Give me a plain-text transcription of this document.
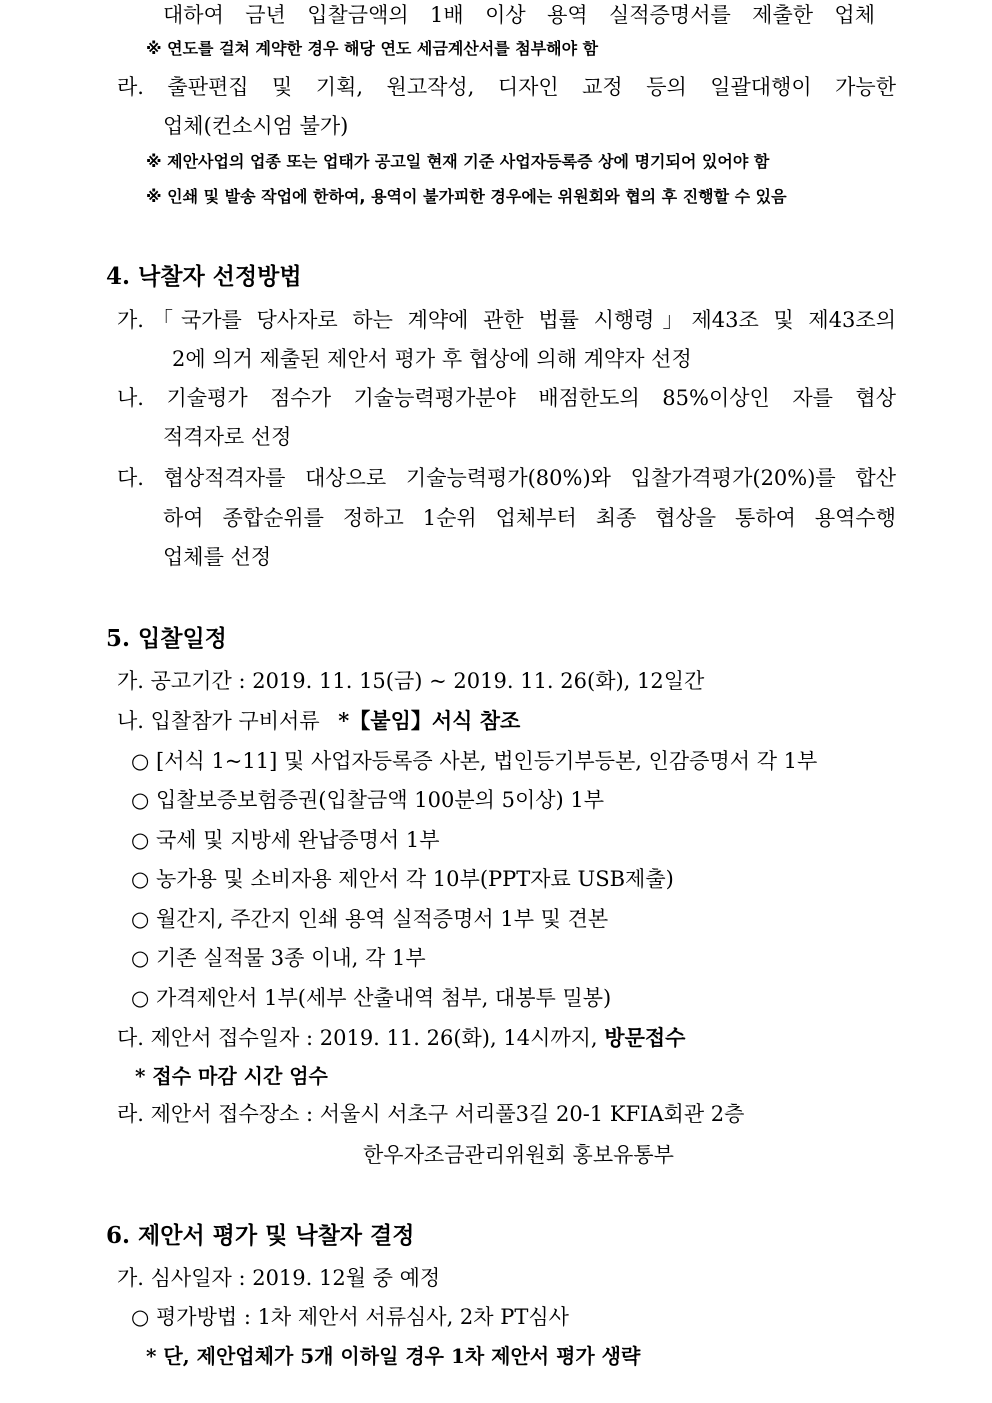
대하여 금년 입찰금액의 1배 이상 용역 실적증명서를 제출한 업체
※ 연도를 걸쳐 계약한 경우 해당 연도 세금계산서를 첨부해야 함
라. 출판편집 및 기획, 원고작성, 디자인 교정 등의 일괄대행이 가능한
업체(컨소시엄 불가)
※ 제안사업의 업종 또는 업태가 공고일 현재 기준 사업자등록증 상에 명기되어 있어야 함
※ 인쇄 및 발송 작업에 한하여, 용역이 불가피한 경우에는 위원회와 협의 후 진행할 수 있음
4. 낙찰자 선정방법
가.「국가를 당사자로 하는 계약에 관한 법률 시행령」제43조 및 제43조의
2에 의거 제출된 제안서 평가 후 협상에 의해 계약자 선정
나. 기술평가 점수가 기술능력평가분야 배점한도의 85%이상인 자를 협상
적격자로 선정
다. 협상적격자를 대상으로 기술능력평가(80%)와 입찰가격평가(20%)를 합산
하여 종합순위를 정하고 1순위 업체부터 최종 협상을 통하여 용역수행
업체를 선정
5. 입찰일정
가. 공고기간 : 2019. 11. 15(금) ~ 2019. 11. 26(화), 12일간
나. 입찰참가 구비서류 *【붙임】서식 참조
○ [서식 1~11] 및 사업자등록증 사본, 법인등기부등본, 인감증명서 각 1부
○ 입찰보증보험증권(입찰금액 100분의 5이상) 1부
○ 국세 및 지방세 완납증명서 1부
○ 농가용 및 소비자용 제안서 각 10부(PPT자료 USB제출)
○ 월간지, 주간지 인쇄 용역 실적증명서 1부 및 견본
○ 기존 실적물 3종 이내, 각 1부
○ 가격제안서 1부(세부 산출내역 첨부, 대봉투 밀봉)
다. 제안서 접수일자 : 2019. 11. 26(화), 14시까지, 방문접수
* 접수 마감 시간 엄수
라. 제안서 접수장소 : 서울시 서초구 서리풀3길 20-1 KFIA회관 2층
한우자조금관리위원회 홍보유통부
6. 제안서 평가 및 낙찰자 결정
가. 심사일자 : 2019. 12월 중 예정
○ 평가방법 : 1차 제안서 서류심사, 2차 PT심사
* 단, 제안업체가 5개 이하일 경우 1차 제안서 평가 생략
